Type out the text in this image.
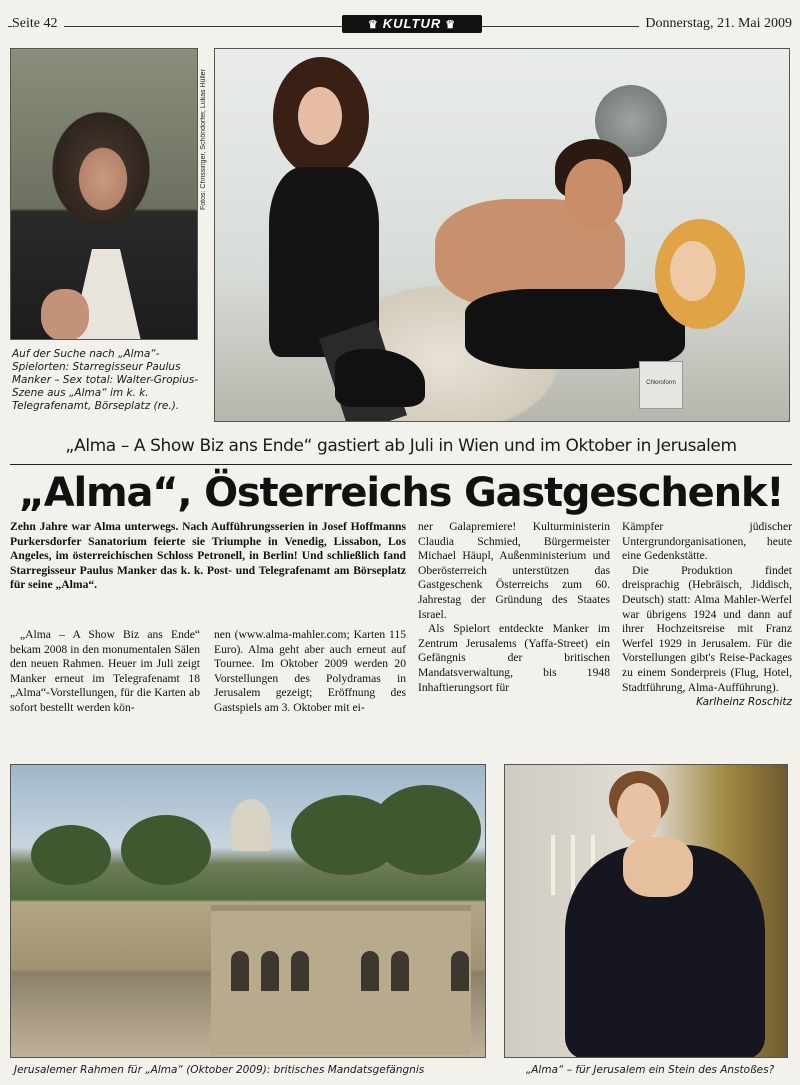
Seite 42	♛ KULTUR ♛	Donnerstag, 21. Mai 2009
Auf der Suche nach „Alma“-Spielorten: Starregisseur Paulus Manker – Sex total: Walter-Gropius-Szene aus „Alma“ im k. k. Telegrafenamt, Börseplatz (re.).
Fotos: Chrissinger, Schöndorfer, Lukas Hüller
Chloroform
„Alma – A Show Biz ans Ende“ gastiert ab Juli in Wien und im Oktober in Jerusalem
„Alma“, Österreichs Gastgeschenk!

Zehn Jahre war Alma unterwegs. Nach Aufführungsserien in Josef Hoffmanns Purkersdorfer Sanatorium feierte sie Triumphe in Venedig, Lissabon, Los Angeles, im österreichischen Schloss Petronell, in Berlin! Und schließlich fand Starregisseur Paulus Manker das k. k. Post- und Telegrafenamt am Börseplatz für seine „Alma“.

„Alma – A Show Biz ans Ende“ bekam 2008 in den monumentalen Sälen den neuen Rahmen. Heuer im Juli zeigt Manker erneut im Telegrafenamt 18 „Alma“-Vorstellungen, für die Karten ab sofort bestellt werden kön-

nen (www.alma-mahler.com; Karten 115 Euro). Alma geht aber auch erneut auf Tournee. Im Oktober 2009 werden 20 Vorstellungen des Polydramas in Jerusalem gezeigt; Eröffnung des Gastspiels am 3. Oktober mit ei-

ner Galapremiere! Kulturministerin Claudia Schmied, Bürgermeister Michael Häupl, Außenministerium und Oberösterreich unterstützen das Gastgeschenk Österreichs zum 60. Jahrestag der Gründung des Staates Israel.

Als Spielort entdeckte Manker im Zentrum Jerusalems (Yaffa-Street) ein Gefängnis der britischen Mandatsverwaltung, bis 1948 Inhaftierungsort für

Kämpfer jüdischer Untergrundorganisationen, heute eine Gedenkstätte.

Die Produktion findet dreisprachig (Hebräisch, Jiddisch, Deutsch) statt: Alma Mahler-Werfel war übrigens 1924 und dann auf ihrer Hochzeitsreise mit Franz Werfel 1929 in Jerusalem. Für die Vorstellungen gibt's Reise-Packages zu einem Sonderpreis (Flug, Hotel, Stadtführung, Alma-Aufführung).

Karlheinz Roschitz
Jerusalemer Rahmen für „Alma“ (Oktober 2009): britisches Mandatsgefängnis	„Alma“ – für Jerusalem ein Stein des Anstoßes?
